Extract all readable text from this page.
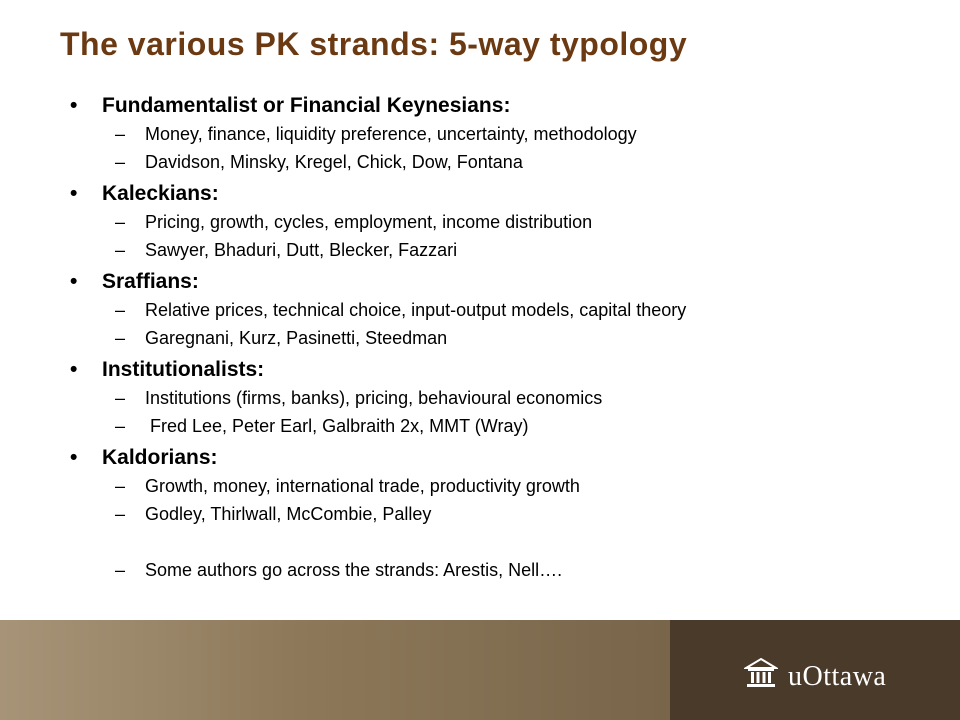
The various PK strands: 5-way typology
• Fundamentalist or Financial Keynesians:
– Money, finance, liquidity preference, uncertainty, methodology
– Davidson, Minsky, Kregel, Chick, Dow, Fontana
• Kaleckians:
– Pricing, growth, cycles, employment, income distribution
– Sawyer, Bhaduri, Dutt, Blecker, Fazzari
• Sraffians:
– Relative prices, technical choice, input-output models, capital theory
– Garegnani, Kurz, Pasinetti, Steedman
• Institutionalists:
– Institutions (firms, banks), pricing, behavioural economics
– Fred Lee, Peter Earl, Galbraith 2x, MMT (Wray)
• Kaldorians:
– Growth, money, international trade, productivity growth
– Godley, Thirlwall, McCombie, Palley
– Some authors go across the strands: Arestis, Nell….
uOttawa
